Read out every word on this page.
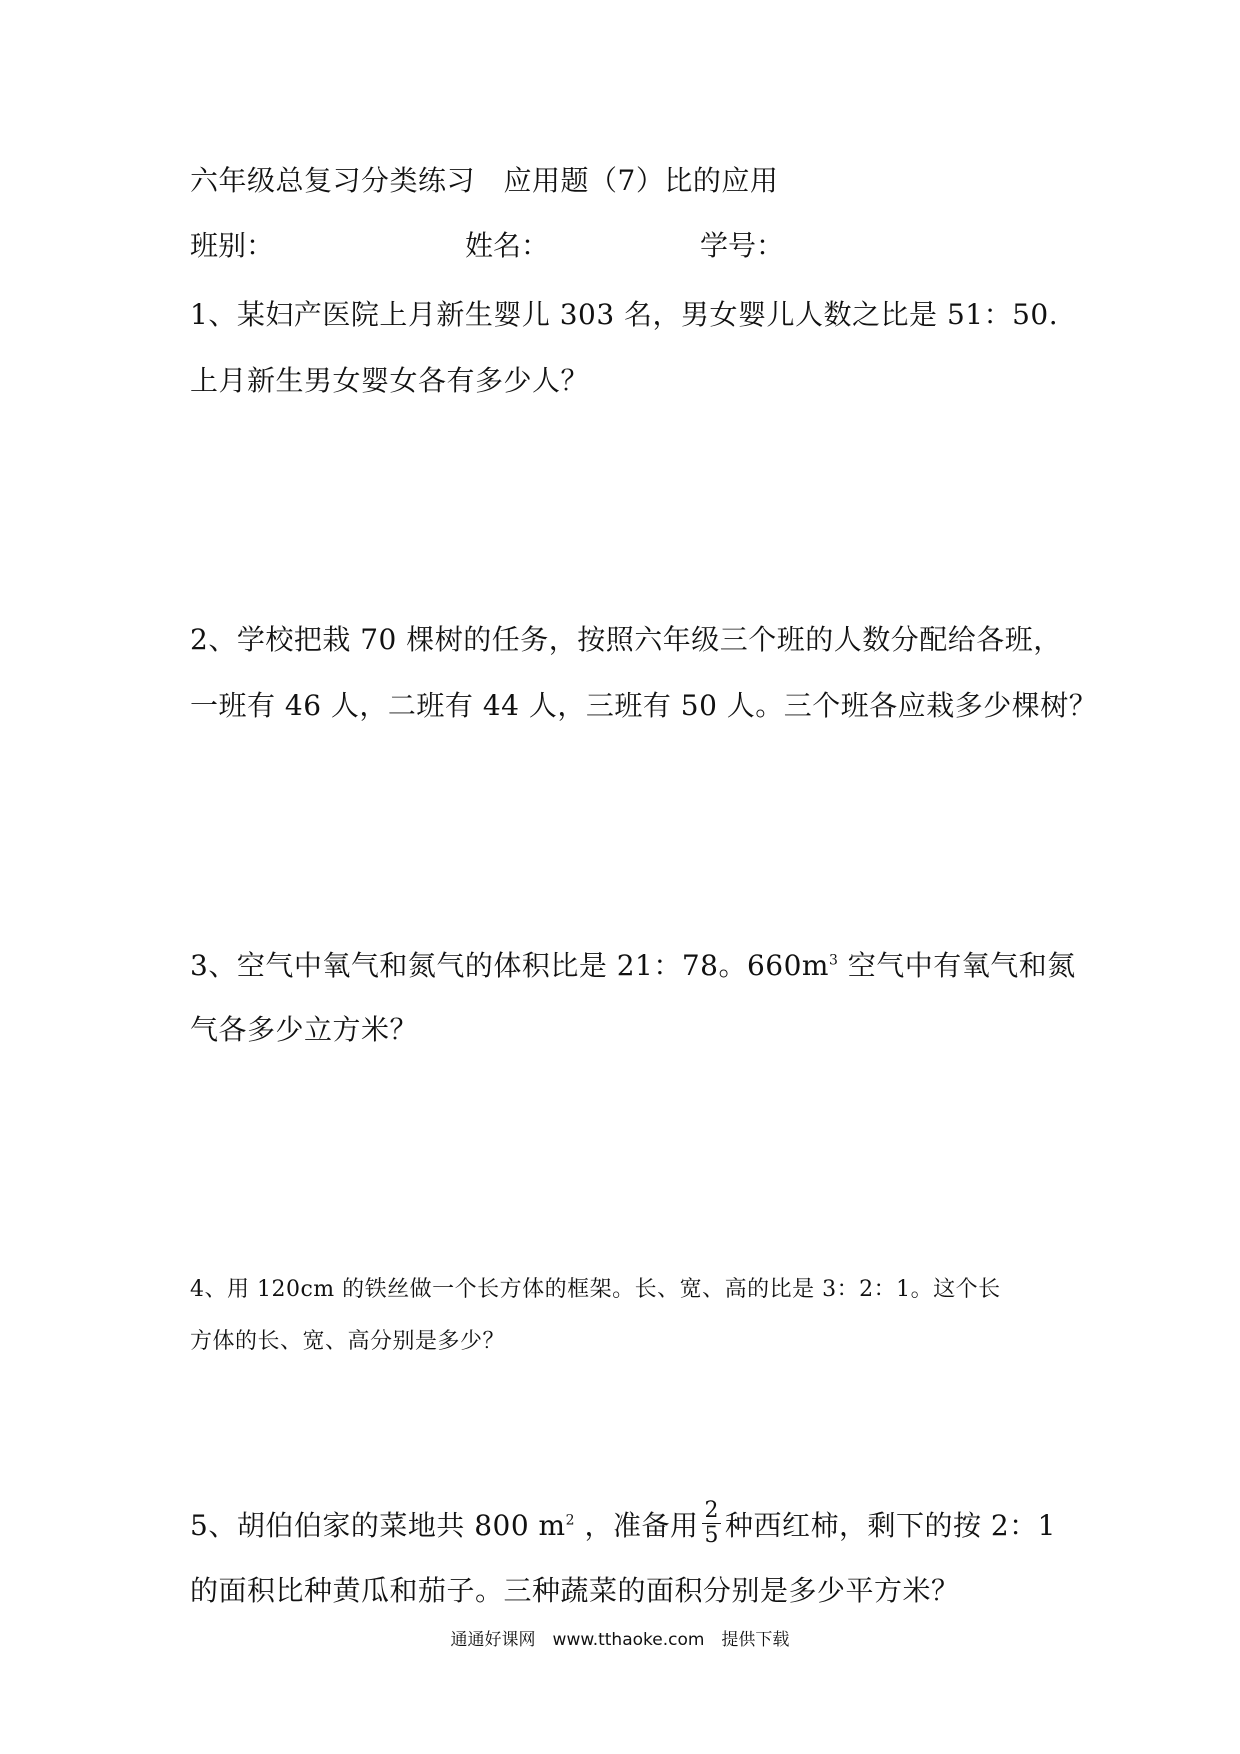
六年级总复习分类练习　应用题（7）比的应用
班别：	姓名：	学号：
1、某妇产医院上月新生婴儿 303 名，男女婴儿人数之比是 51：50.
上月新生男女婴女各有多少人？
2、学校把栽 70 棵树的任务，按照六年级三个班的人数分配给各班，
一班有 46 人，二班有 44 人，三班有 50 人。三个班各应栽多少棵树？
3、空气中氧气和氮气的体积比是 21：78。$660m^3$ 空气中有氧气和氮
气各多少立方米？
4、用 120cm 的铁丝做一个长方体的框架。长、宽、高的比是 3：2：1。这个长
方体的长、宽、高分别是多少？
5、胡伯伯家的菜地共 800 $m^2$ ，准备用 $\frac{2}{5}$ 种西红柿，剩下的按 2：1
的面积比种黄瓜和茄子。三种蔬菜的面积分别是多少平方米？
通通好课网　www.tthaoke.com　提供下载
